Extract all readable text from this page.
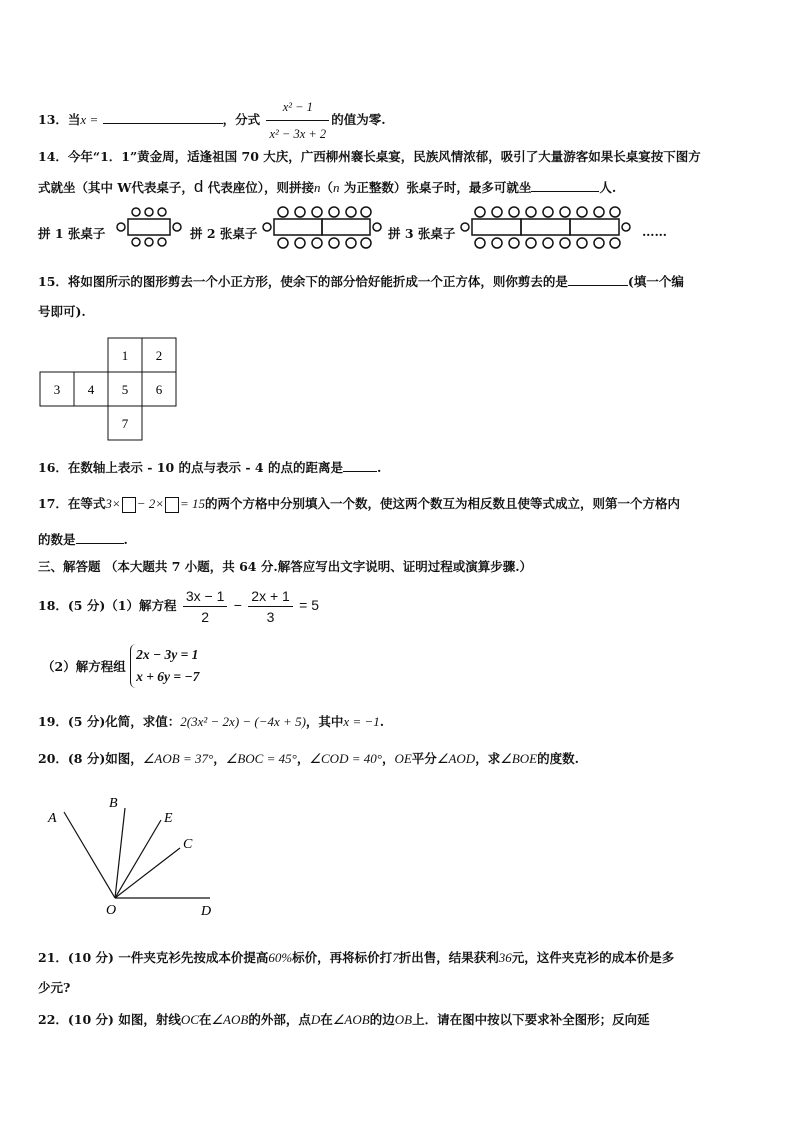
13．当x =	，分式 $\frac{\text{x² − 1}}{\text{x² − 3x + 2}}$ 的值为零.
14．今年“1．1”黄金周，适逢祖国 70 大庆，广西柳州褰长桌宴，民族风情浓郁，吸引了大量游客如果长桌宴按下图方
式就坐（其中 W代表桌子，d 代表座位），则拼接n（n 为正整数）张桌子时，最多可就坐	人.
拼 1 张桌子	拼 2 张桌子	拼 3 张桌子	……
15．将如图所示的图形剪去一个小正方形，使余下的部分恰好能折成一个正方体，则你剪去的是	(填一个编
号即可).
1 2
3 4 5 6
7
16．在数轴上表示 - 10 的点与表示 - 4 的点的距离是	.
17．在等式3× − 2× = 15的两个方格中分别填入一个数，使这两个数互为相反数且使等式成立，则第一个方格内
的数是	.
三、解答题 （本大题共 7 小题，共 64 分.解答应写出文字说明、证明过程或演算步骤.）
18．(5 分)（1）解方程 $\frac{3x - 1}{2} - \frac{2x + 1}{3} = 5$
（2）解方程组
2x − 3y = 1
x + 6y = −7
19．(5 分)化简，求值：2(3x² − 2x) − (−4x + 5)，其中x = −1.
20．(8 分)如图，∠AOB = 37°，∠BOC = 45°，∠COD = 40°，OE平分∠AOD，求∠BOE的度数.
A
B
E
C
O	D
21．(10 分) 一件夹克衫先按成本价提高60%标价，再将标价打7折出售，结果获利36元，这件夹克衫的成本价是多
少元?
22．(10 分) 如图，射线OC在∠AOB的外部，点D在∠AOB的边OB上．请在图中按以下要求补全图形；反向延
